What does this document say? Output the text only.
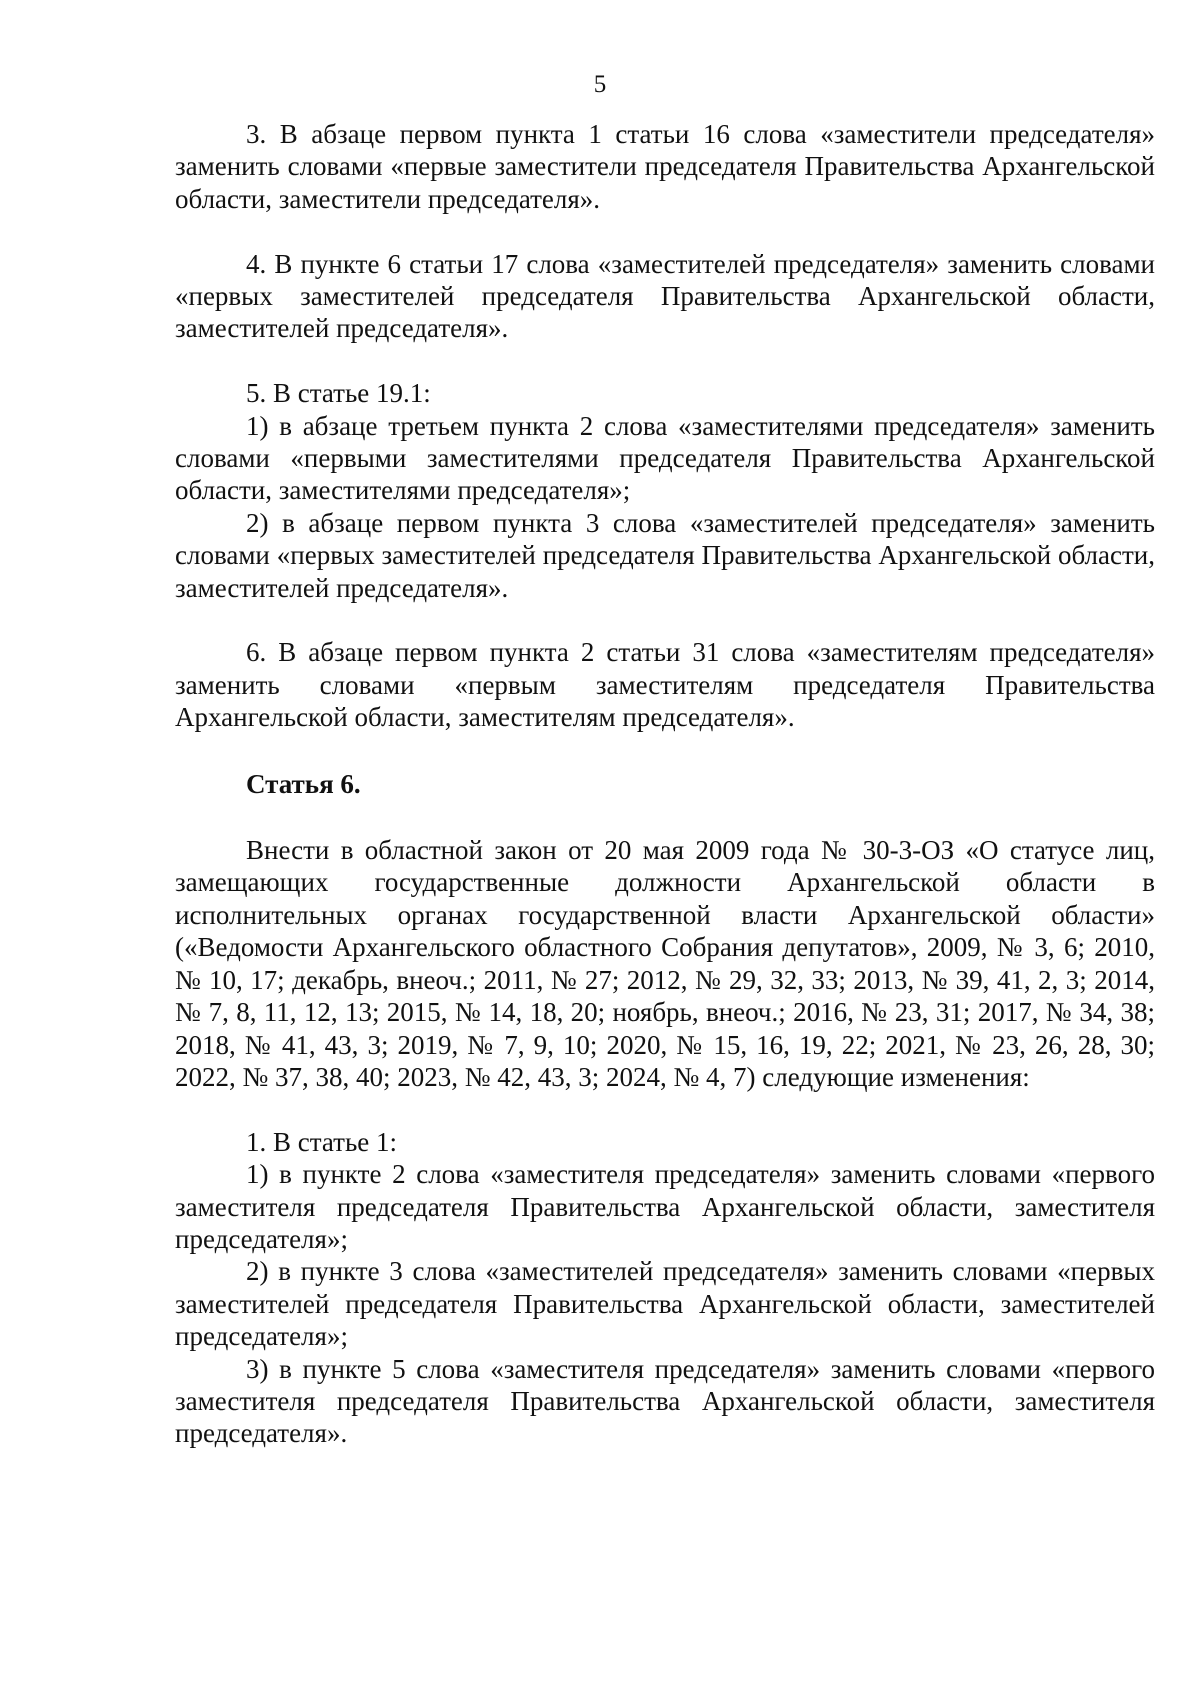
5

3. В абзаце первом пункта 1 статьи 16 слова «заместители председателя» заменить словами «первые заместители председателя Правительства Архангельской области, заместители председателя».

4. В пункте 6 статьи 17 слова «заместителей председателя» заменить словами «первых заместителей председателя Правительства Архангельской области, заместителей председателя».

5. В статье 19.1:

1) в абзаце третьем пункта 2 слова «заместителями председателя» заменить словами «первыми заместителями председателя Правительства Архангельской области, заместителями председателя»;

2) в абзаце первом пункта 3 слова «заместителей председателя» заменить словами «первых заместителей председателя Правительства Архангельской области, заместителей председателя».

6. В абзаце первом пункта 2 статьи 31 слова «заместителям председателя» заменить словами «первым заместителям председателя Правительства Архангельской области, заместителям председателя».

Статья 6.

Внести в областной закон от 20 мая 2009 года № 30-3-ОЗ «О статусе лиц, замещающих государственные должности Архангельской области в исполнительных органах государственной власти Архангельской области» («Ведомости Архангельского областного Собрания депутатов», 2009, № 3, 6; 2010, № 10, 17; декабрь, внеоч.; 2011, № 27; 2012, № 29, 32, 33; 2013, № 39, 41, 2, 3; 2014, № 7, 8, 11, 12, 13; 2015, № 14, 18, 20; ноябрь, внеоч.; 2016, № 23, 31; 2017, № 34, 38; 2018, № 41, 43, 3; 2019, № 7, 9, 10; 2020, № 15, 16, 19, 22; 2021, № 23, 26, 28, 30; 2022, № 37, 38, 40; 2023, № 42, 43, 3; 2024, № 4, 7) следующие изменения:

1. В статье 1:

1) в пункте 2 слова «заместителя председателя» заменить словами «первого заместителя председателя Правительства Архангельской области, заместителя председателя»;

2) в пункте 3 слова «заместителей председателя» заменить словами «первых заместителей председателя Правительства Архангельской области, заместителей председателя»;

3) в пункте 5 слова «заместителя председателя» заменить словами «первого заместителя председателя Правительства Архангельской области, заместителя председателя».
